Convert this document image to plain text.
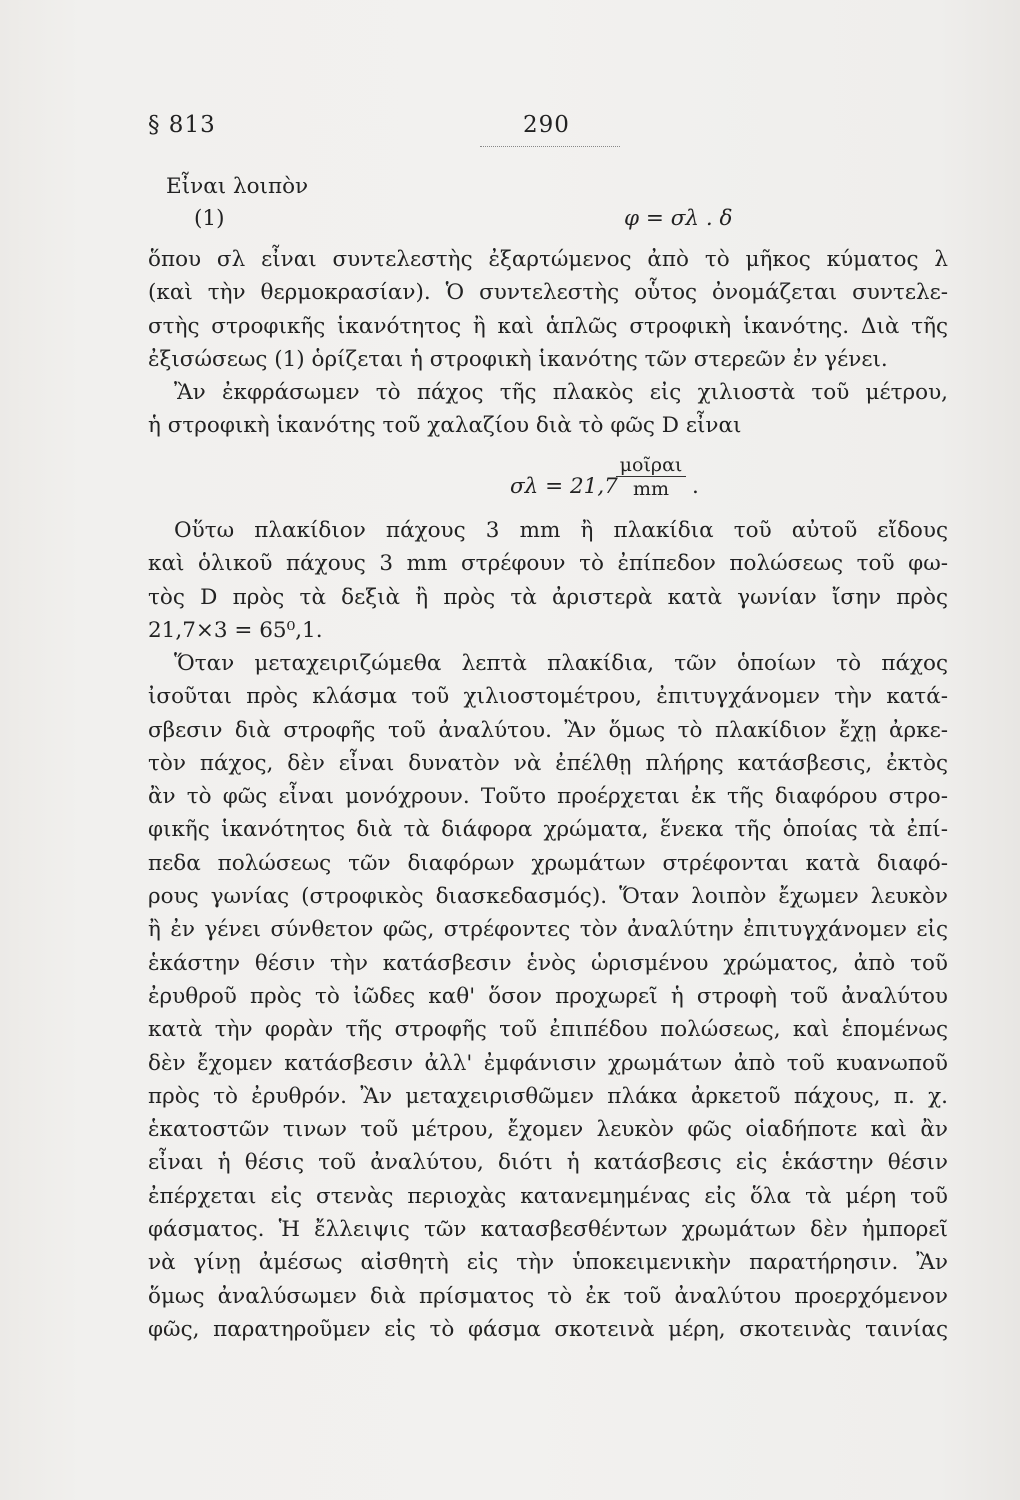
§ 813	290
Εἶναι λοιπὸν
(1)	φ = σλ . δ
ὅπου σλ εἶναι συντελεστὴς ἐξαρτώμενος ἀπὸ τὸ μῆκος κύματος λ
(καὶ τὴν θερμοκρασίαν). Ὁ συντελεστὴς οὗτος ὀνομάζεται συντελε-
στὴς στροφικῆς ἱκανότητος ἢ καὶ ἁπλῶς στροφικὴ ἱκανότης. Διὰ τῆς
ἐξισώσεως (1) ὁρίζεται ἡ στροφικὴ ἱκανότης τῶν στερεῶν ἐν γένει.
Ἂν ἐκφράσωμεν τὸ πάχος τῆς πλακὸς εἰς χιλιοστὰ τοῦ μέτρου,
ἡ στροφικὴ ἱκανότης τοῦ χαλαζίου διὰ τὸ φῶς D εἶναι
σλ = 21,7
μοῖραι
mm	.
Οὕτω πλακίδιον πάχους 3 mm ἢ πλακίδια τοῦ αὐτοῦ εἴδους
καὶ ὁλικοῦ πάχους 3 mm στρέφουν τὸ ἐπίπεδον πολώσεως τοῦ φω-
τὸς D πρὸς τὰ δεξιὰ ἢ πρὸς τὰ ἀριστερὰ κατὰ γωνίαν ἴσην πρὸς
21,7×3 = 65⁰,1.
Ὅταν μεταχειριζώμεθα λεπτὰ πλακίδια, τῶν ὁποίων τὸ πάχος
ἰσοῦται πρὸς κλάσμα τοῦ χιλιοστομέτρου, ἐπιτυγχάνομεν τὴν κατά-
σβεσιν διὰ στροφῆς τοῦ ἀναλύτου. Ἂν ὅμως τὸ πλακίδιον ἔχῃ ἀρκε-
τὸν πάχος, δὲν εἶναι δυνατὸν νὰ ἐπέλθῃ πλήρης κατάσβεσις, ἐκτὸς
ἂν τὸ φῶς εἶναι μονόχρουν. Τοῦτο προέρχεται ἐκ τῆς διαφόρου στρο-
φικῆς ἱκανότητος διὰ τὰ διάφορα χρώματα, ἕνεκα τῆς ὁποίας τὰ ἐπί-
πεδα πολώσεως τῶν διαφόρων χρωμάτων στρέφονται κατὰ διαφό-
ρους γωνίας (στροφικὸς διασκεδασμός). Ὅταν λοιπὸν ἔχωμεν λευκὸν
ἢ ἐν γένει σύνθετον φῶς, στρέφοντες τὸν ἀναλύτην ἐπιτυγχάνομεν εἰς
ἑκάστην θέσιν τὴν κατάσβεσιν ἑνὸς ὡρισμένου χρώματος, ἀπὸ τοῦ
ἐρυθροῦ πρὸς τὸ ἰῶδες καθ' ὅσον προχωρεῖ ἡ στροφὴ τοῦ ἀναλύτου
κατὰ τὴν φορὰν τῆς στροφῆς τοῦ ἐπιπέδου πολώσεως, καὶ ἑπομένως
δὲν ἔχομεν κατάσβεσιν ἀλλ' ἐμφάνισιν χρωμάτων ἀπὸ τοῦ κυανωποῦ
πρὸς τὸ ἐρυθρόν. Ἂν μεταχειρισθῶμεν πλάκα ἀρκετοῦ πάχους, π. χ.
ἑκατοστῶν τινων τοῦ μέτρου, ἔχομεν λευκὸν φῶς οἱαδήποτε καὶ ἂν
εἶναι ἡ θέσις τοῦ ἀναλύτου, διότι ἡ κατάσβεσις εἰς ἑκάστην θέσιν
ἐπέρχεται εἰς στενὰς περιοχὰς κατανεμημένας εἰς ὅλα τὰ μέρη τοῦ
φάσματος. Ἡ ἔλλειψις τῶν κατασβεσθέντων χρωμάτων δὲν ἠμπορεῖ
νὰ γίνῃ ἀμέσως αἰσθητὴ εἰς τὴν ὑποκειμενικὴν παρατήρησιν. Ἂν
ὅμως ἀναλύσωμεν διὰ πρίσματος τὸ ἐκ τοῦ ἀναλύτου προερχόμενον
φῶς, παρατηροῦμεν εἰς τὸ φάσμα σκοτεινὰ μέρη, σκοτεινὰς ταινίας
